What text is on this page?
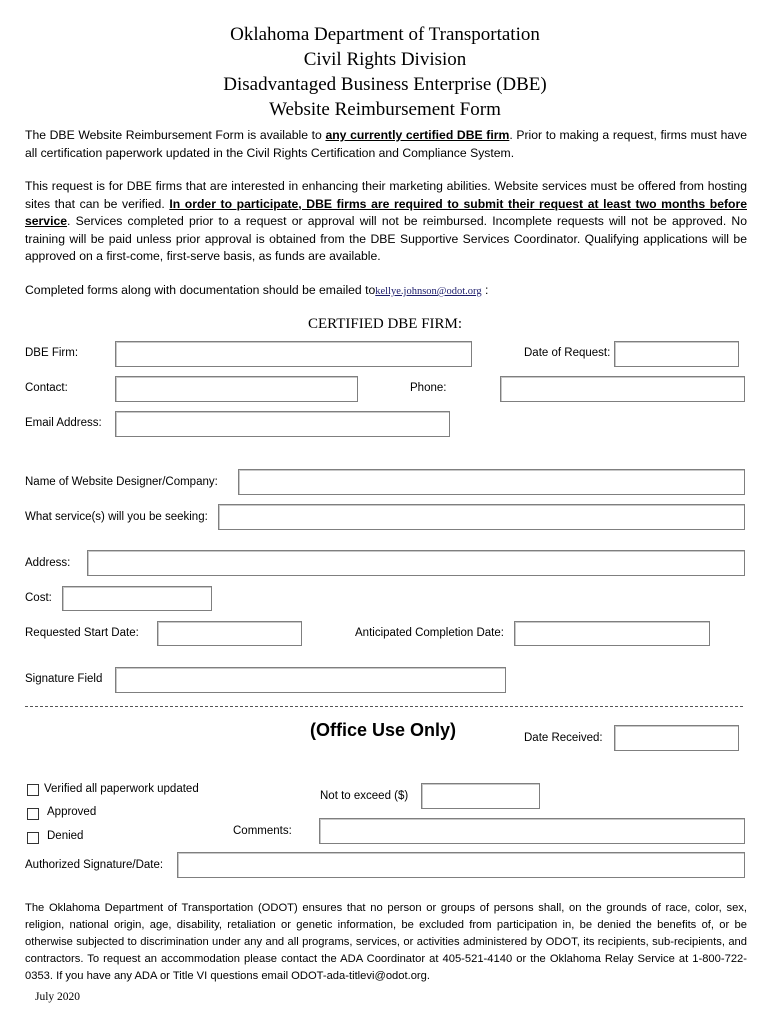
Oklahoma Department of Transportation
Civil Rights Division
Disadvantaged Business Enterprise (DBE)
Website Reimbursement Form
The DBE Website Reimbursement Form is available to any currently certified DBE firm. Prior to making a request, firms must have all certification paperwork updated in the Civil Rights Certification and Compliance System.
This request is for DBE firms that are interested in enhancing their marketing abilities. Website services must be offered from hosting sites that can be verified. In order to participate, DBE firms are required to submit their request at least two months before service. Services completed prior to a request or approval will not be reimbursed. Incomplete requests will not be approved. No training will be paid unless prior approval is obtained from the DBE Supportive Services Coordinator. Qualifying applications will be approved on a first-come, first-serve basis, as funds are available.
Completed forms along with documentation should be emailed tokellye.johnson@odot.org :
CERTIFIED DBE FIRM:
DBE Firm:	Date of Request:
Contact:	Phone:
Email Address:
Name of Website Designer/Company:
What service(s) will you be seeking:
Address:
Cost:
Requested Start Date:	Anticipated Completion Date:
Signature Field
(Office Use Only)	Date Received:
Verified all paperwork updated
Approved
Denied
Not to exceed ($)
Comments:
Authorized Signature/Date:
The Oklahoma Department of Transportation (ODOT) ensures that no person or groups of persons shall, on the grounds of race, color, sex, religion, national origin, age, disability, retaliation or genetic information, be excluded from participation in, be denied the benefits of, or be otherwise subjected to discrimination under any and all programs, services, or activities administered by ODOT, its recipients, sub-recipients, and contractors. To request an accommodation please contact the ADA Coordinator at 405-521-4140 or the Oklahoma Relay Service at 1-800-722-0353. If you have any ADA or Title VI questions email ODOT-ada-titlevi@odot.org.
July 2020
